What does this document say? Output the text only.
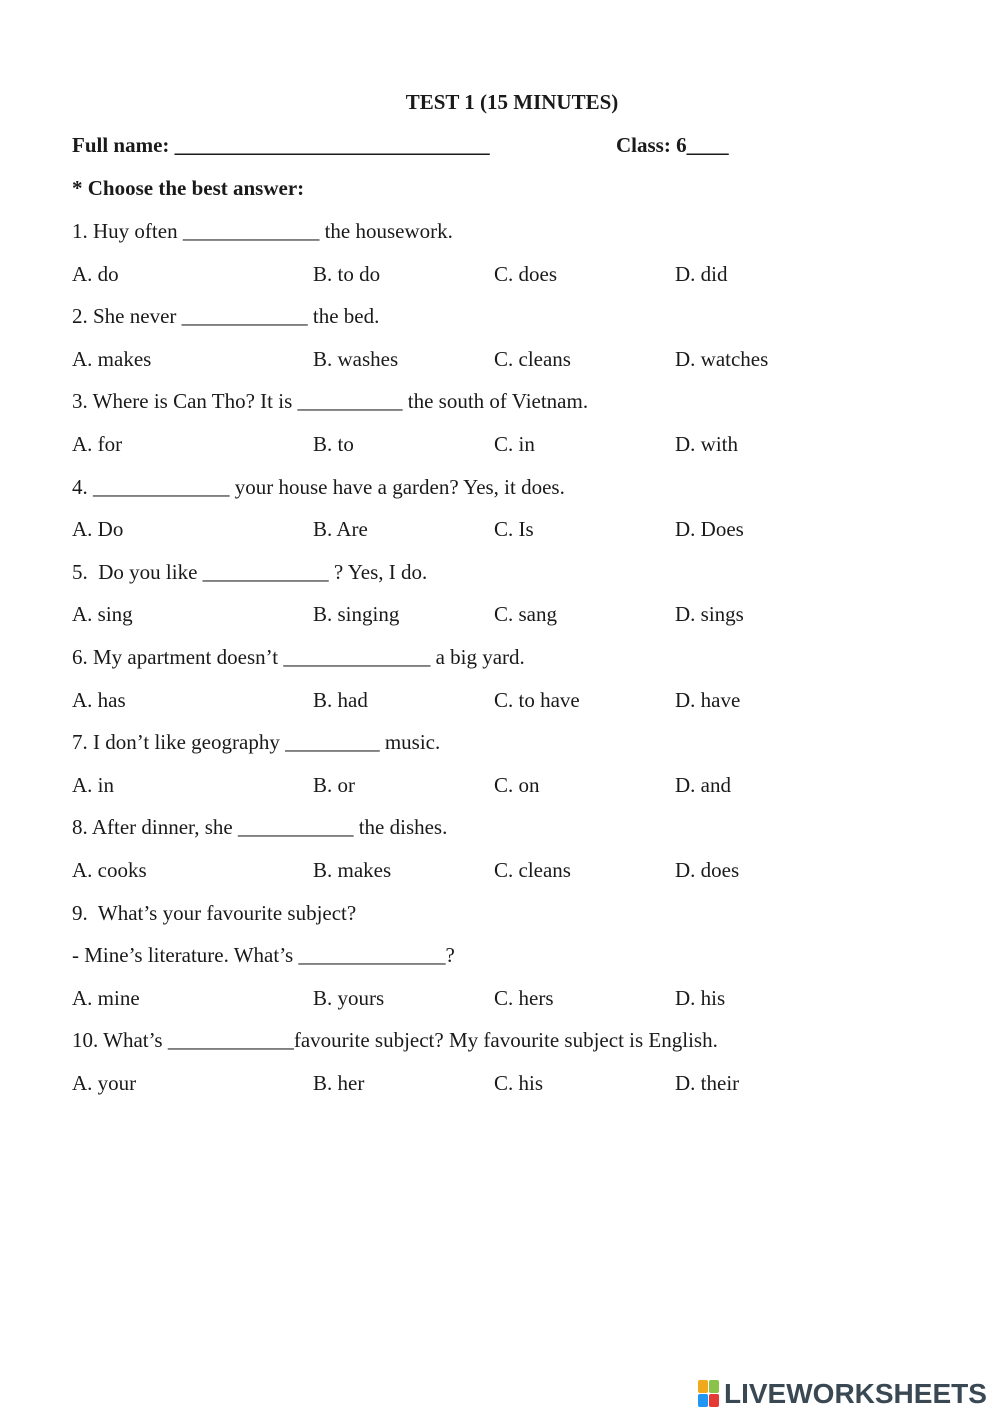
TEST 1 (15 MINUTES)
Full name: ______________________________	Class: 6____
* Choose the best answer:
1. Huy often _____________ the housework.
A. do	B. to do	C. does	D. did
2. She never ____________ the bed.
A. makes	B. washes	C. cleans	D. watches
3. Where is Can Tho? It is __________ the south of Vietnam.
A. for	B. to	C. in	D. with
4. _____________ your house have a garden? Yes, it does.
A. Do	B. Are	C. Is	D. Does
5.  Do you like ____________ ? Yes, I do.
A. sing	B. singing	C. sang	D. sings
6. My apartment doesn’t ______________ a big yard.
A. has	B. had	C. to have	D. have
7. I don’t like geography _________ music.
A. in	B. or	C. on	D. and
8. After dinner, she ___________ the dishes.
A. cooks	B. makes	C. cleans	D. does
9.  What’s your favourite subject?
- Mine’s literature. What’s ______________?
A. mine	B. yours	C. hers	D. his
10. What’s ____________favourite subject? My favourite subject is English.
A. your	B. her	C. his	D. their
LIVEWORKSHEETS
